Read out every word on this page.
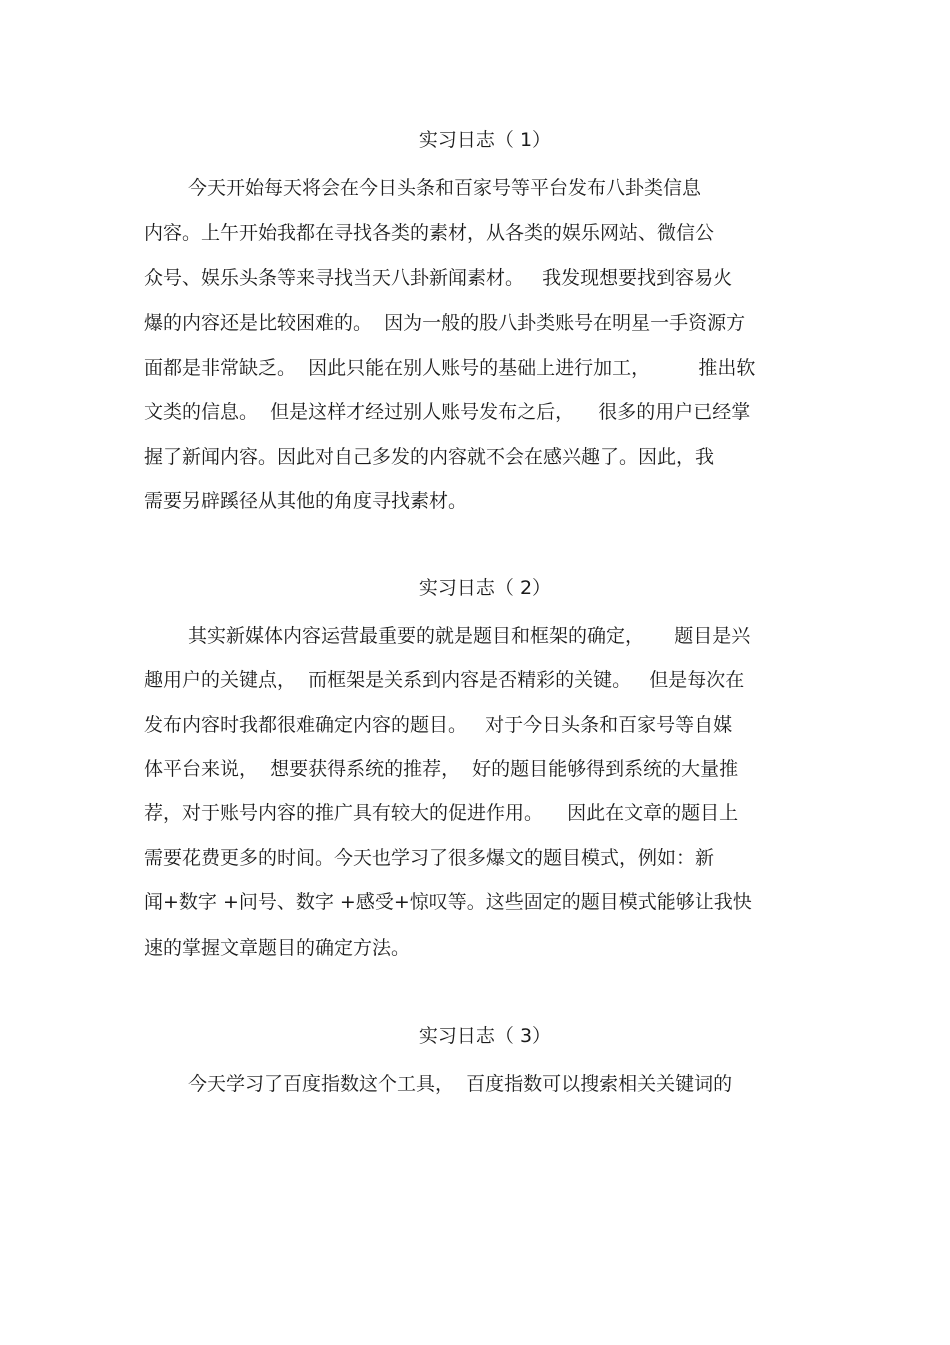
实习日志（ 1）
今天开始每天将会在今日头条和百家号等平台发布八卦类信息
内容。上午开始我都在寻找各类的素材，从各类的娱乐网站、微信公
众号、娱乐头条等来寻找当天八卦新闻素材。   我发现想要找到容易火
爆的内容还是比较困难的。  因为一般的股八卦类账号在明星一手资源方
面都是非常缺乏。  因此只能在别人账号的基础上进行加工，        推出软
文类的信息。  但是这样才经过别人账号发布之后，    很多的用户已经掌
握了新闻内容。因此对自己多发的内容就不会在感兴趣了。因此，我
需要另辟蹊径从其他的角度寻找素材。
实习日志（ 2）
其实新媒体内容运营最重要的就是题目和框架的确定，     题目是兴
趣用户的关键点，  而框架是关系到内容是否精彩的关键。   但是每次在
发布内容时我都很难确定内容的题目。   对于今日头条和百家号等自媒
体平台来说，  想要获得系统的推荐，  好的题目能够得到系统的大量推
荐，对于账号内容的推广具有较大的促进作用。    因此在文章的题目上
需要花费更多的时间。今天也学习了很多爆文的题目模式，例如：新
闻+数字 +问号、数字 +感受+惊叹等。这些固定的题目模式能够让我快
速的掌握文章题目的确定方法。
实习日志（ 3）
今天学习了百度指数这个工具，  百度指数可以搜索相关关键词的
